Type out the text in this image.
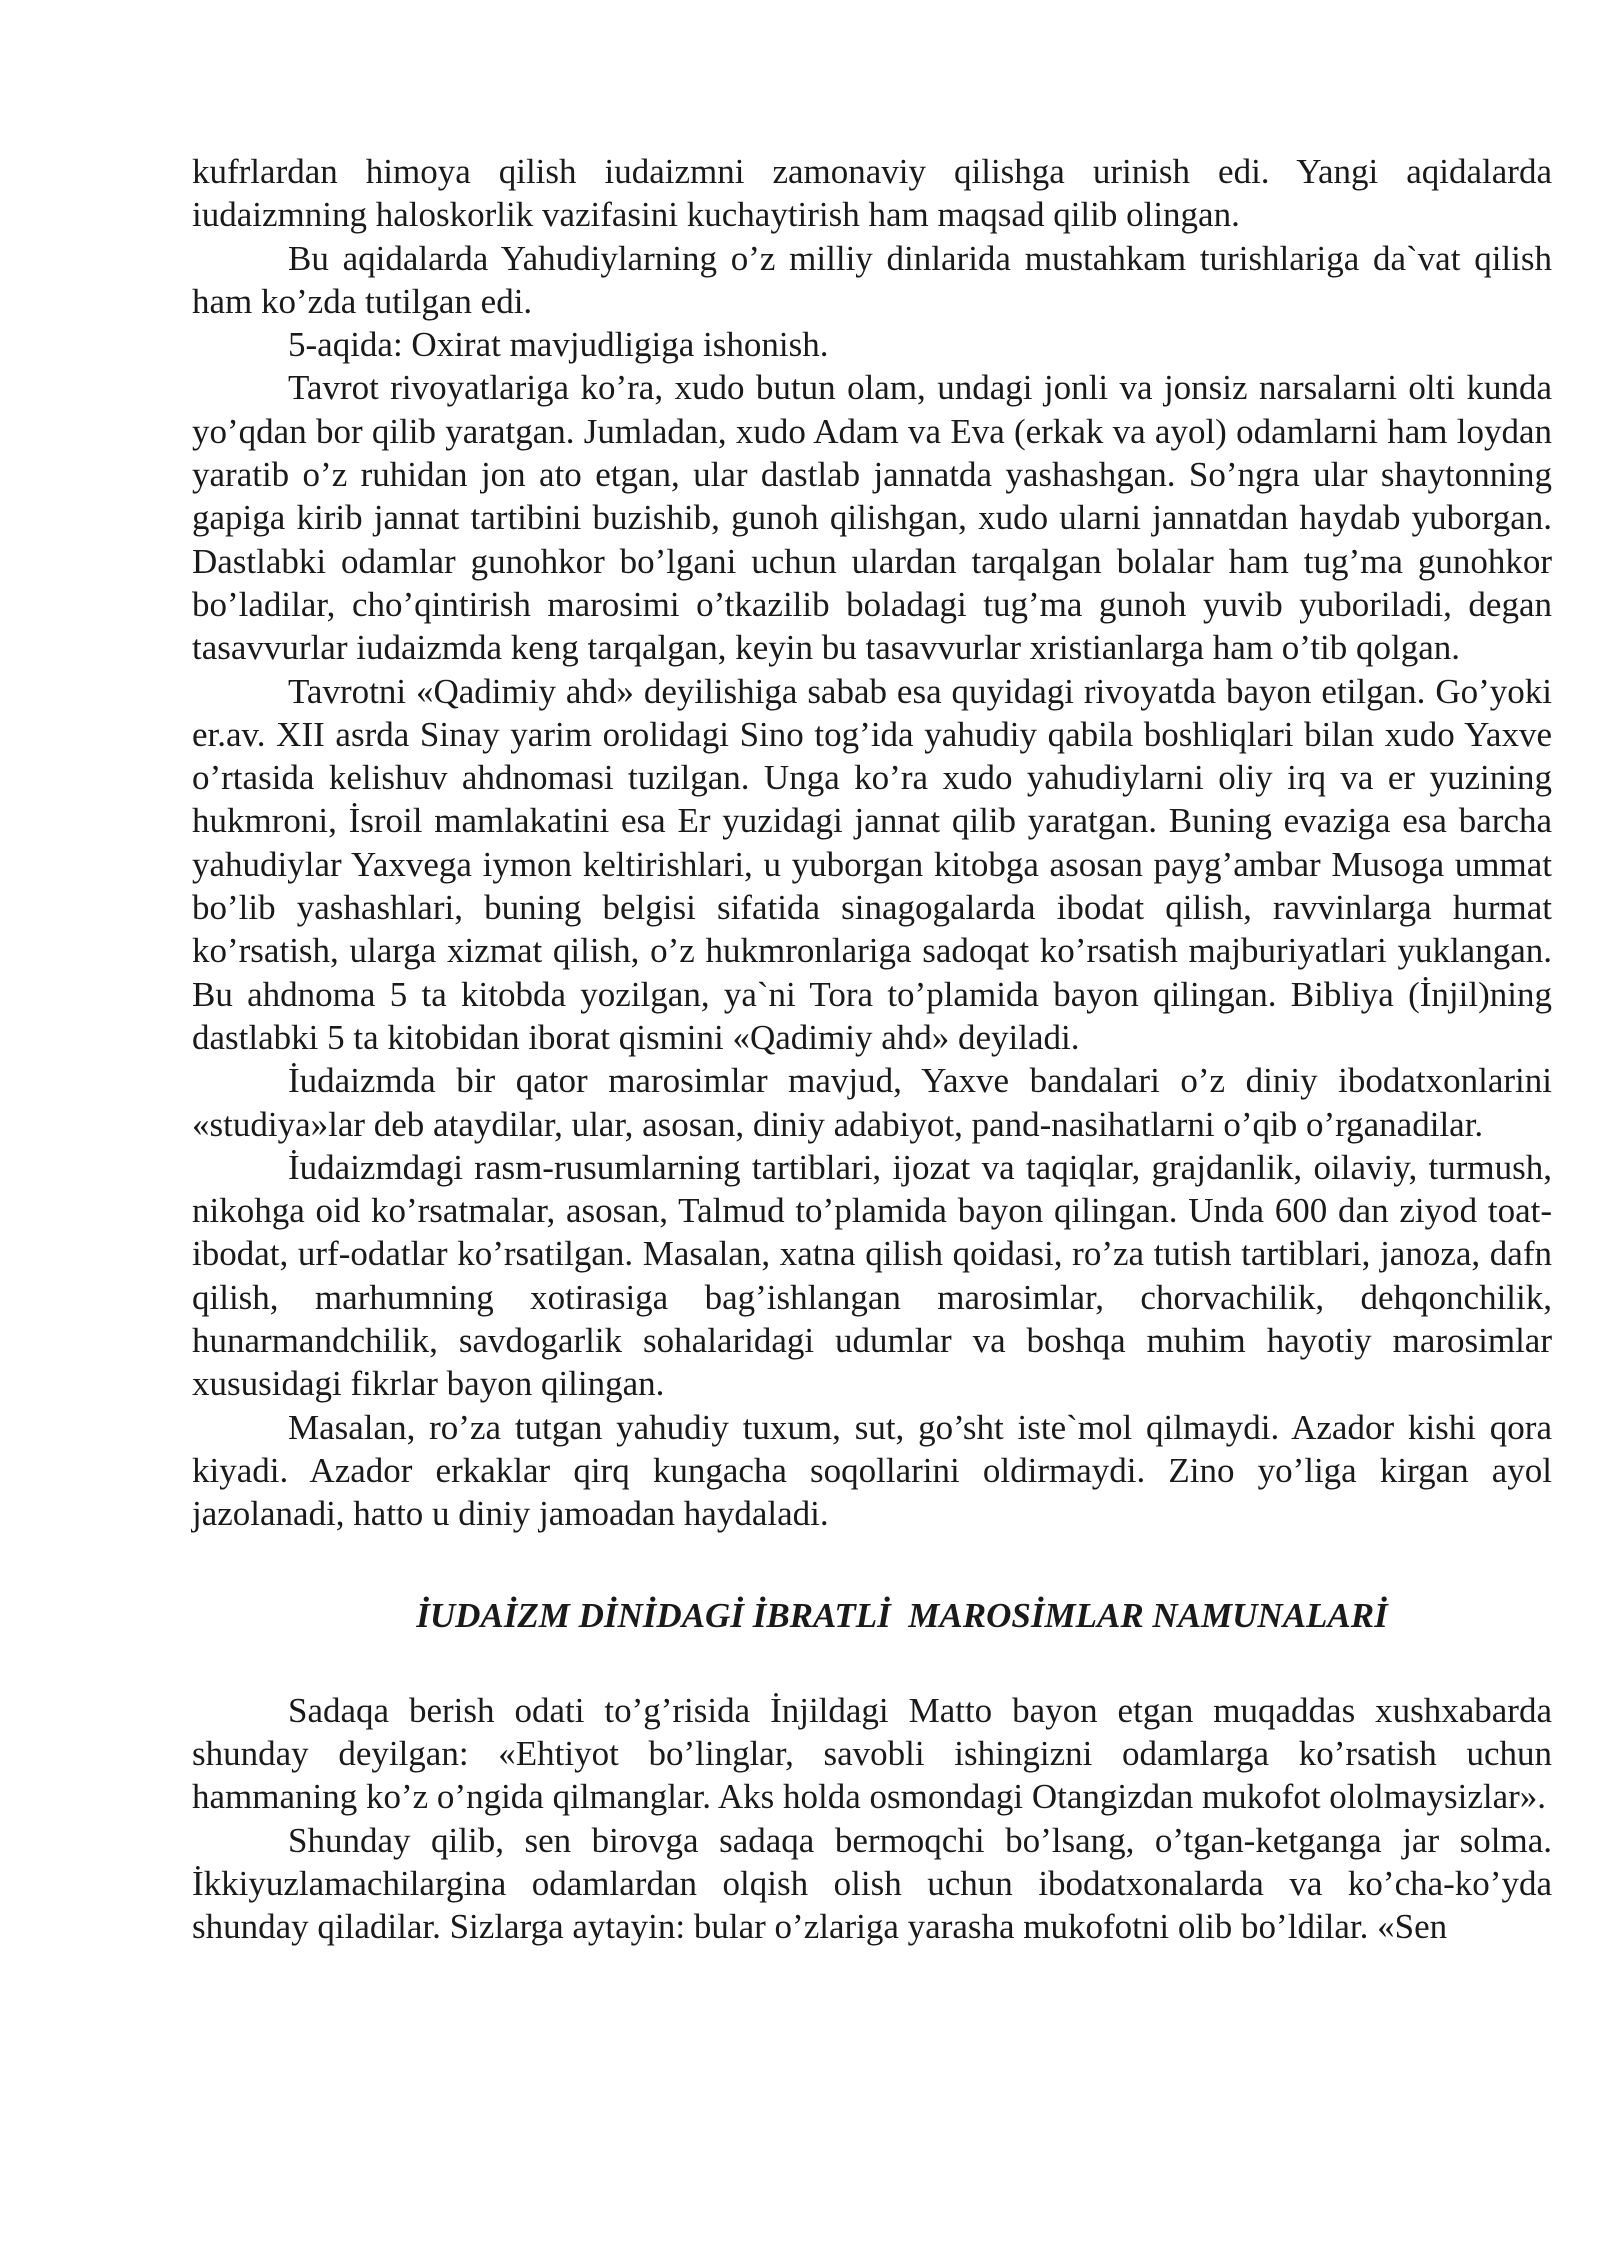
kufrlardan himoya qilish iudaizmni zamonaviy qilishga urinish edi. Yangi aqidalarda iudaizmning haloskorlik vazifasini kuchaytirish ham maqsad qilib olingan.

Bu aqidalarda Yahudiylarning o’z milliy dinlarida mustahkam turishlariga da`vat qilish ham ko’zda tutilgan edi.

5-aqida: Oxirat mavjudligiga ishonish.

Tavrot rivoyatlariga ko’ra, xudo butun olam, undagi jonli va jonsiz narsalarni olti kunda yo’qdan bor qilib yaratgan. Jumladan, xudo Adam va Eva (erkak va ayol) odamlarni ham loydan yaratib o’z ruhidan jon ato etgan, ular dastlab jannatda yashashgan. So’ngra ular shaytonning gapiga kirib jannat tartibini buzishib, gunoh qilishgan, xudo ularni jannatdan haydab yuborgan. Dastlabki odamlar gunohkor bo’lgani uchun ulardan tarqalgan bolalar ham tug’ma gunohkor bo’ladilar, cho’qintirish marosimi o’tkazilib boladagi tug’ma gunoh yuvib yuboriladi, degan tasavvurlar iudaizmda keng tarqalgan, keyin bu tasavvurlar xristianlarga ham o’tib qolgan.

Tavrotni «Qadimiy ahd» deyilishiga sabab esa quyidagi rivoyatda bayon etilgan. Go’yoki er.av. XII asrda Sinay yarim orolidagi Sino tog’ida yahudiy qabila boshliqlari bilan xudo Yaxve o’rtasida kelishuv ahdnomasi tuzilgan. Unga ko’ra xudo yahudiylarni oliy irq va er yuzining hukmroni, İsroil mamlakatini esa Er yuzidagi jannat qilib yaratgan. Buning evaziga esa barcha yahudiylar Yaxvega iymon keltirishlari, u yuborgan kitobga asosan payg’ambar Musoga ummat bo’lib yashashlari, buning belgisi sifatida sinagogalarda ibodat qilish, ravvinlarga hurmat ko’rsatish, ularga xizmat qilish, o’z hukmronlariga sadoqat ko’rsatish majburiyatlari yuklangan. Bu ahdnoma 5 ta kitobda yozilgan, ya`ni Tora to’plamida bayon qilingan. Bibliya (İnjil)ning dastlabki 5 ta kitobidan iborat qismini «Qadimiy ahd» deyiladi.

İudaizmda bir qator marosimlar mavjud, Yaxve bandalari o’z diniy ibodatxonlarini «studiya»lar deb ataydilar, ular, asosan, diniy adabiyot, pand-nasihatlarni o’qib o’rganadilar.

İudaizmdagi rasm-rusumlarning tartiblari, ijozat va taqiqlar, grajdanlik, oilaviy, turmush, nikohga oid ko’rsatmalar, asosan, Talmud to’plamida bayon qilingan. Unda 600 dan ziyod toat-ibodat, urf-odatlar ko’rsatilgan. Masalan, xatna qilish qoidasi, ro’za tutish tartiblari, janoza, dafn qilish, marhumning xotirasiga bag’ishlangan marosimlar, chorvachilik, dehqonchilik, hunarmandchilik, savdogarlik sohalaridagi udumlar va boshqa muhim hayotiy marosimlar xususidagi fikrlar bayon qilingan.

Masalan, ro’za tutgan yahudiy tuxum, sut, go’sht iste`mol qilmaydi. Azador kishi qora kiyadi. Azador erkaklar qirq kungacha soqollarini oldirmaydi. Zino yo’liga kirgan ayol jazolanadi, hatto u diniy jamoadan haydaladi.

İUDAİZM DİNİDAGİ İBRATLİ  MAROSİMLAR NAMUNALARİ

Sadaqa berish odati to’g’risida İnjildagi Matto bayon etgan muqaddas xushxabarda shunday deyilgan: «Ehtiyot bo’linglar, savobli ishingizni odamlarga ko’rsatish uchun hammaning ko’z o’ngida qilmanglar. Aks holda osmondagi Otangizdan mukofot ololmaysizlar».

Shunday qilib, sen birovga sadaqa bermoqchi bo’lsang, o’tgan-ketganga jar solma. İkkiyuzlamachilargina odamlardan olqish olish uchun ibodatxonalarda va ko’cha-ko’yda shunday qiladilar. Sizlarga aytayin: bular o’zlariga yarasha mukofotni olib bo’ldilar. «Sen
